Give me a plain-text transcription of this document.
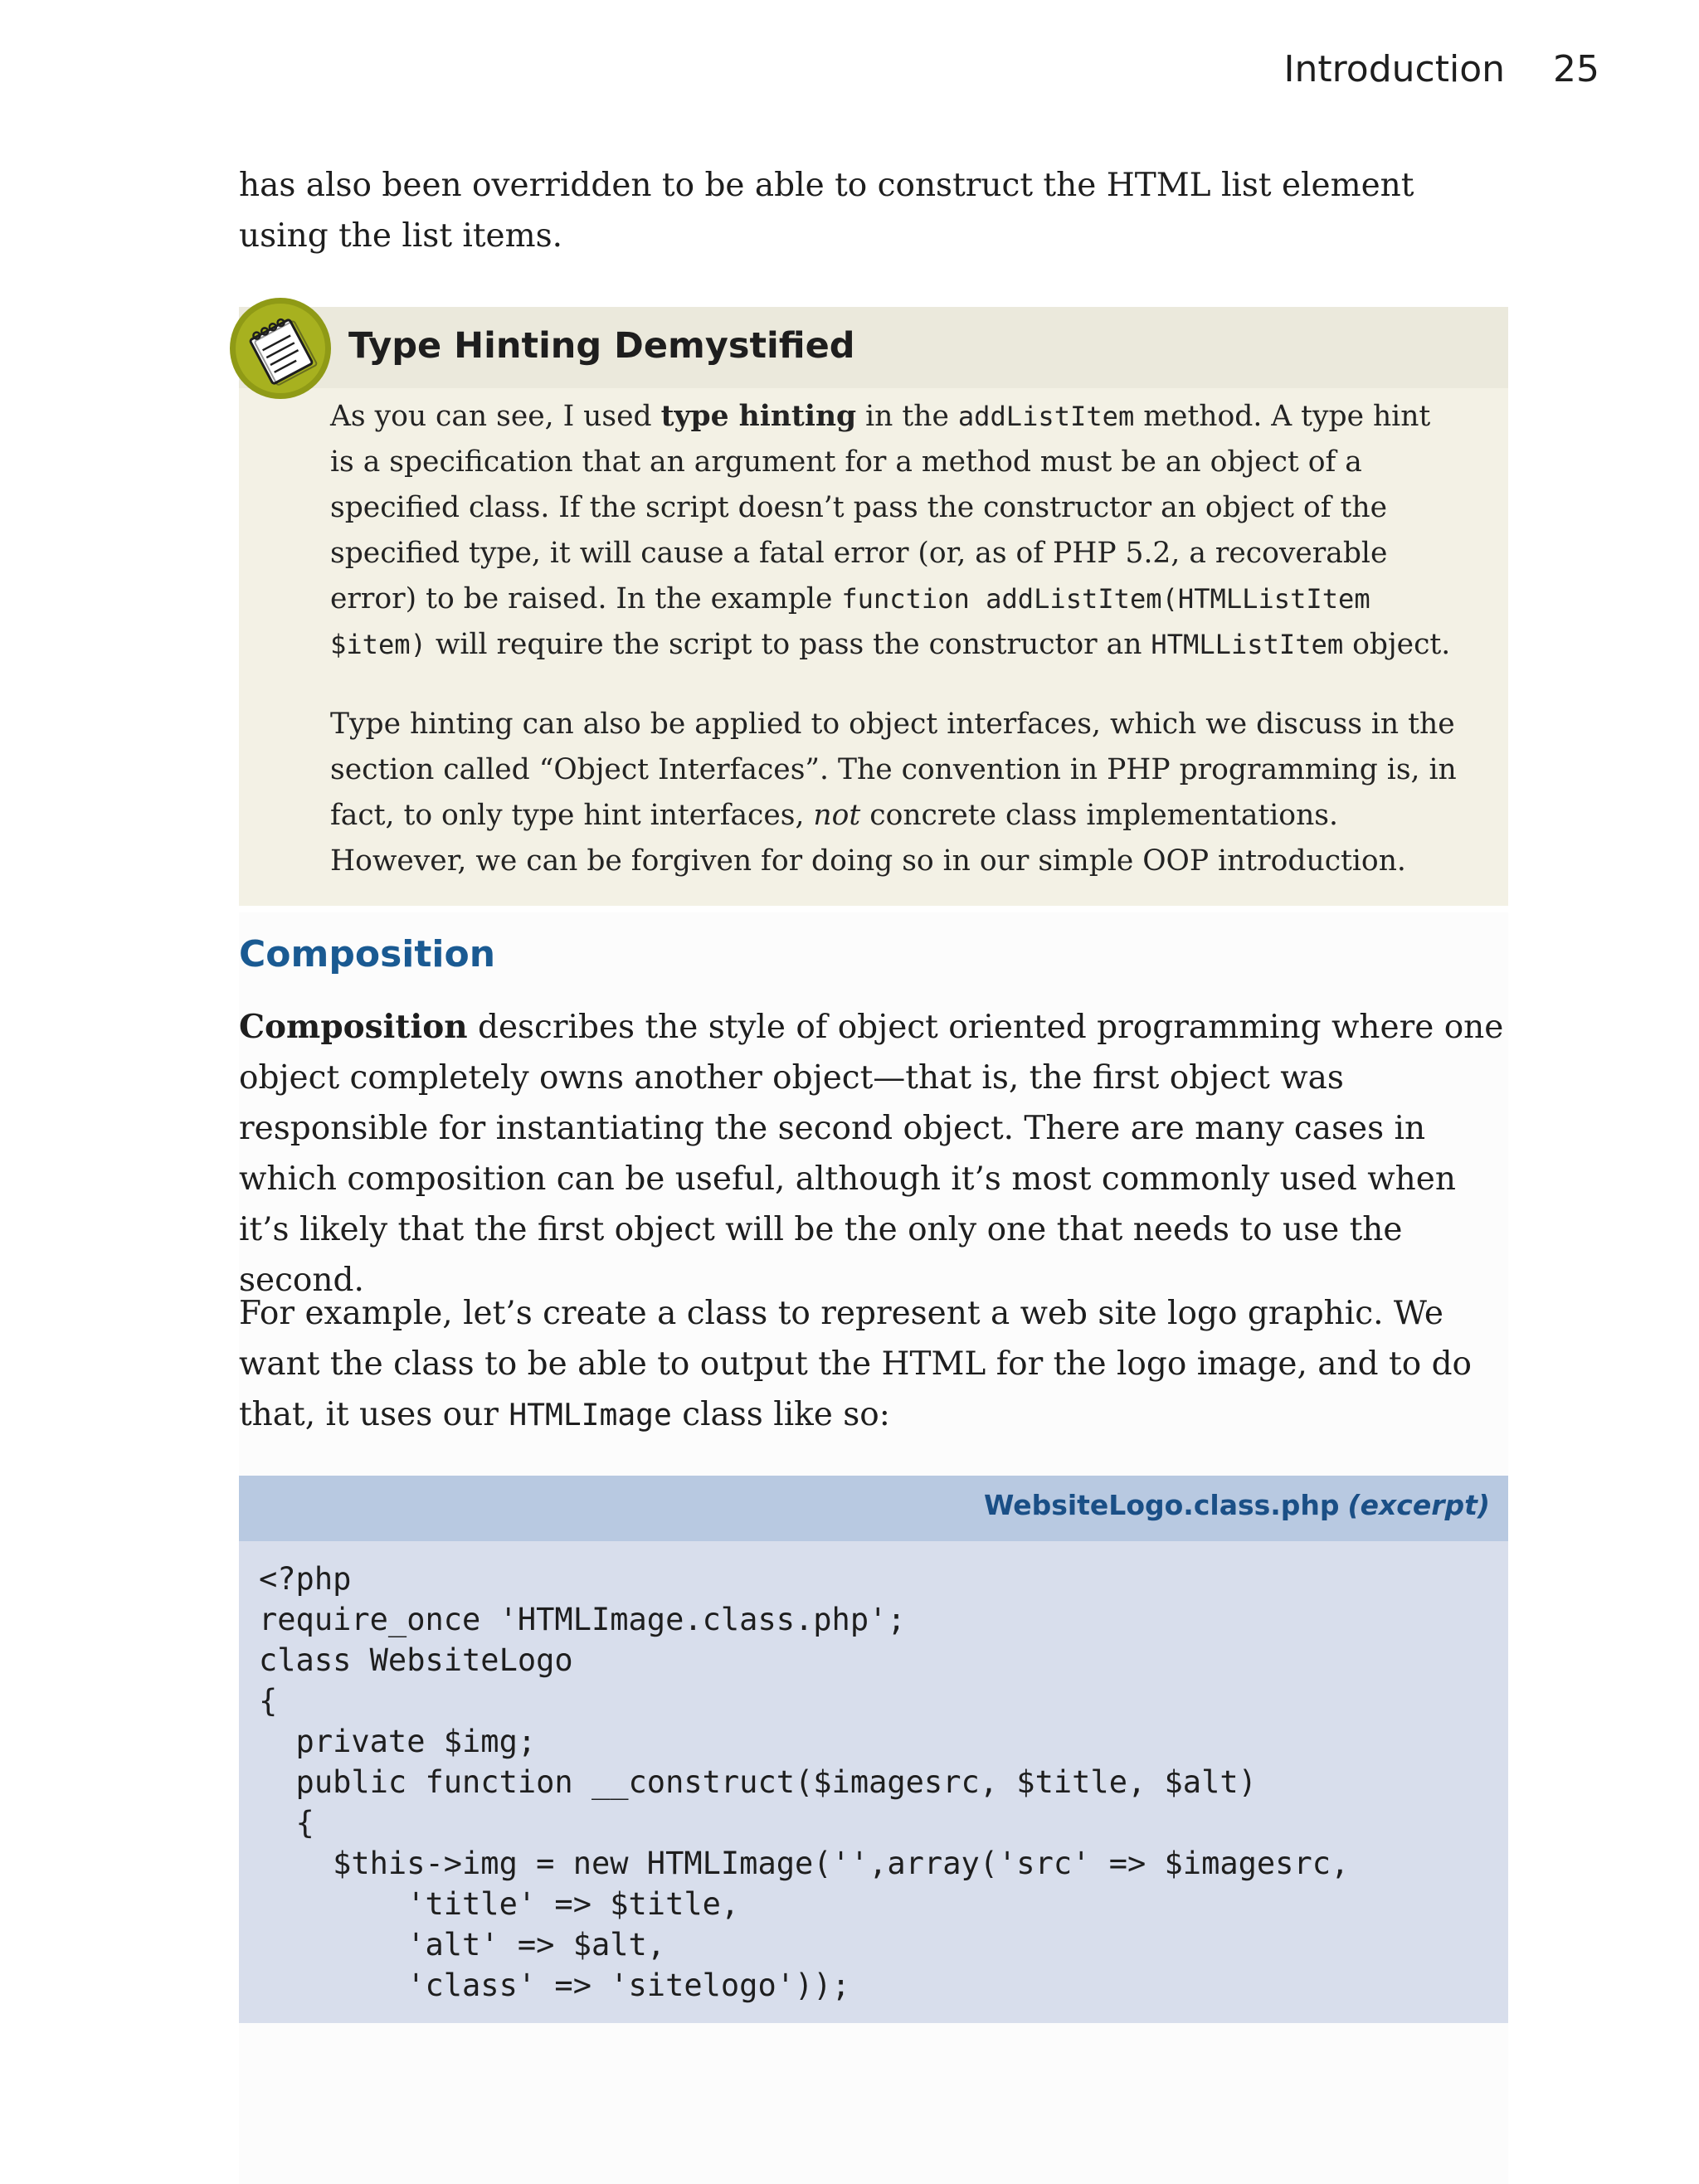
Introduction 25

has also been overridden to be able to construct the HTML list element using the list items.

Type Hinting Demystified

As you can see, I used type hinting in the addListItem method. A type hint is a specification that an argument for a method must be an object of a specified class. If the script doesn’t pass the constructor an object of the specified type, it will cause a fatal error (or, as of PHP 5.2, a recoverable error) to be raised. In the example function addListItem(HTMLListItem $item) will require the script to pass the constructor an HTMLListItem object.

Type hinting can also be applied to object interfaces, which we discuss in the section called “Object Interfaces”. The convention in PHP programming is, in fact, to only type hint interfaces, not concrete class implementations. However, we can be forgiven for doing so in our simple OOP introduction.

Composition

Composition describes the style of object oriented programming where one object completely owns another object—that is, the first object was responsible for instantiating the second object. There are many cases in which composition can be useful, although it’s most commonly used when it’s likely that the first object will be the only one that needs to use the second.

For example, let’s create a class to represent a web site logo graphic. We want the class to be able to output the HTML for the logo image, and to do that, it uses our HTMLImage class like so:

WebsiteLogo.class.php (excerpt)
<?php
require_once 'HTMLImage.class.php';
class WebsiteLogo
{
private $img;
public function __construct($imagesrc, $title, $alt)
{
$this->img = new HTMLImage('',array('src' => $imagesrc,
'title' => $title,
'alt' => $alt,
'class' => 'sitelogo'));
